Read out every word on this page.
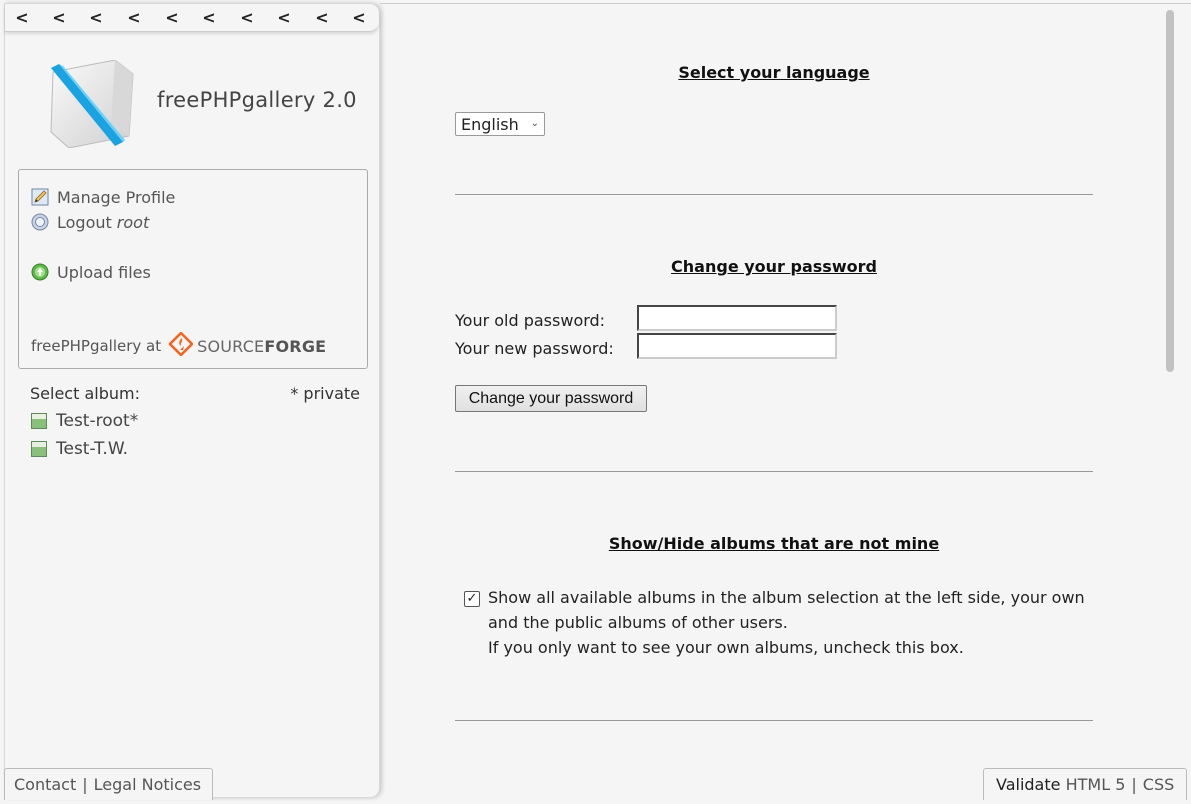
< < < < < < < < < <
freePHPgallery 2.0
Manage Profile
Logout root
Upload files
freePHPgallery at SOURCE FORGE
Select album:	* private
Test-root*
Test-T.W.
Contact | Legal Notices
Select your language
English ⌄
Change your password
Your old password:
Your new password:
Change your password
Show/Hide albums that are not mine
✓ Show all available albums in the album selection at the left side, your own
and the public albums of other users.
If you only want to see your own albums, uncheck this box.
Validate
HTML 5 | CSS
